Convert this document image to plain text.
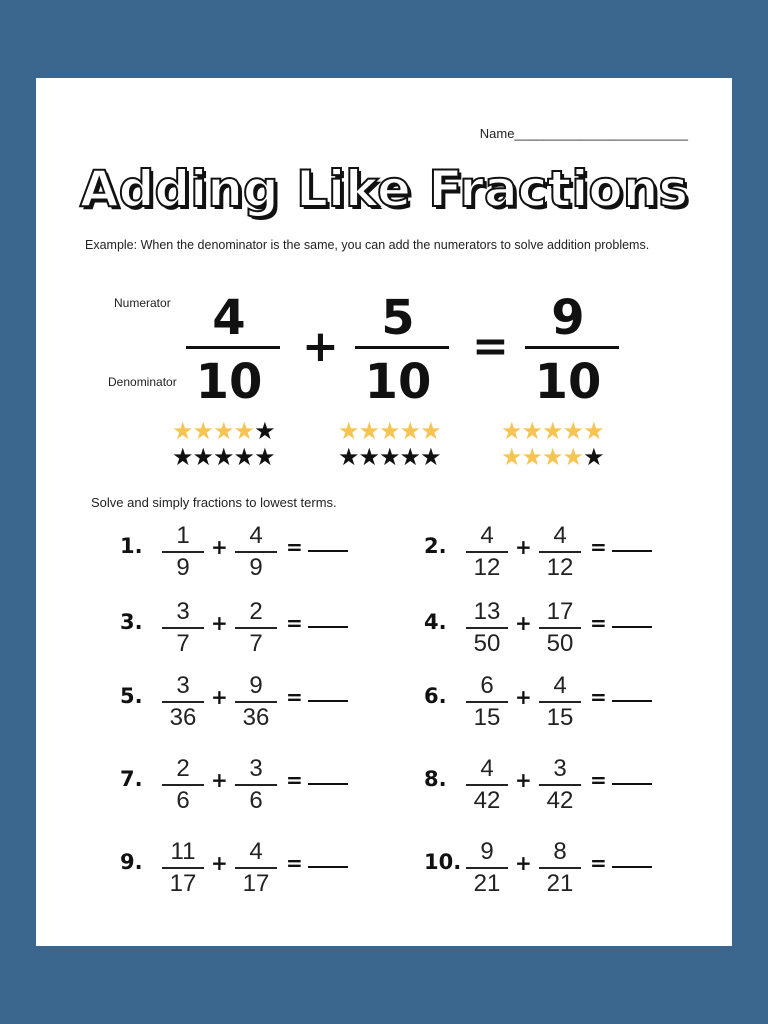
Name________________________
Adding Like Fractions
Example: When the denominator is the same, you can add the numerators to solve addition problems.
Numerator
Denominator
4
10
+
5
10
=
9
10
★★★★★
★★★★★
★★★★★
★★★★★
★★★★★
★★★★★
Solve and simply fractions to lowest terms.
1.	1
9
+ 4
9
=	2.	4
12
+ 4
12
=
3.	3
7
+ 2
7
=	4.	13
50
+ 17
50
=
5.	3
36
+ 9
36
=	6.	6
15
+ 4
15
=
7.	2
6
+ 3
6
=	8.	4
42
+ 3
42
=
9.	11
17
+ 4
17
=	10. 9
21
+ 8
21
=
